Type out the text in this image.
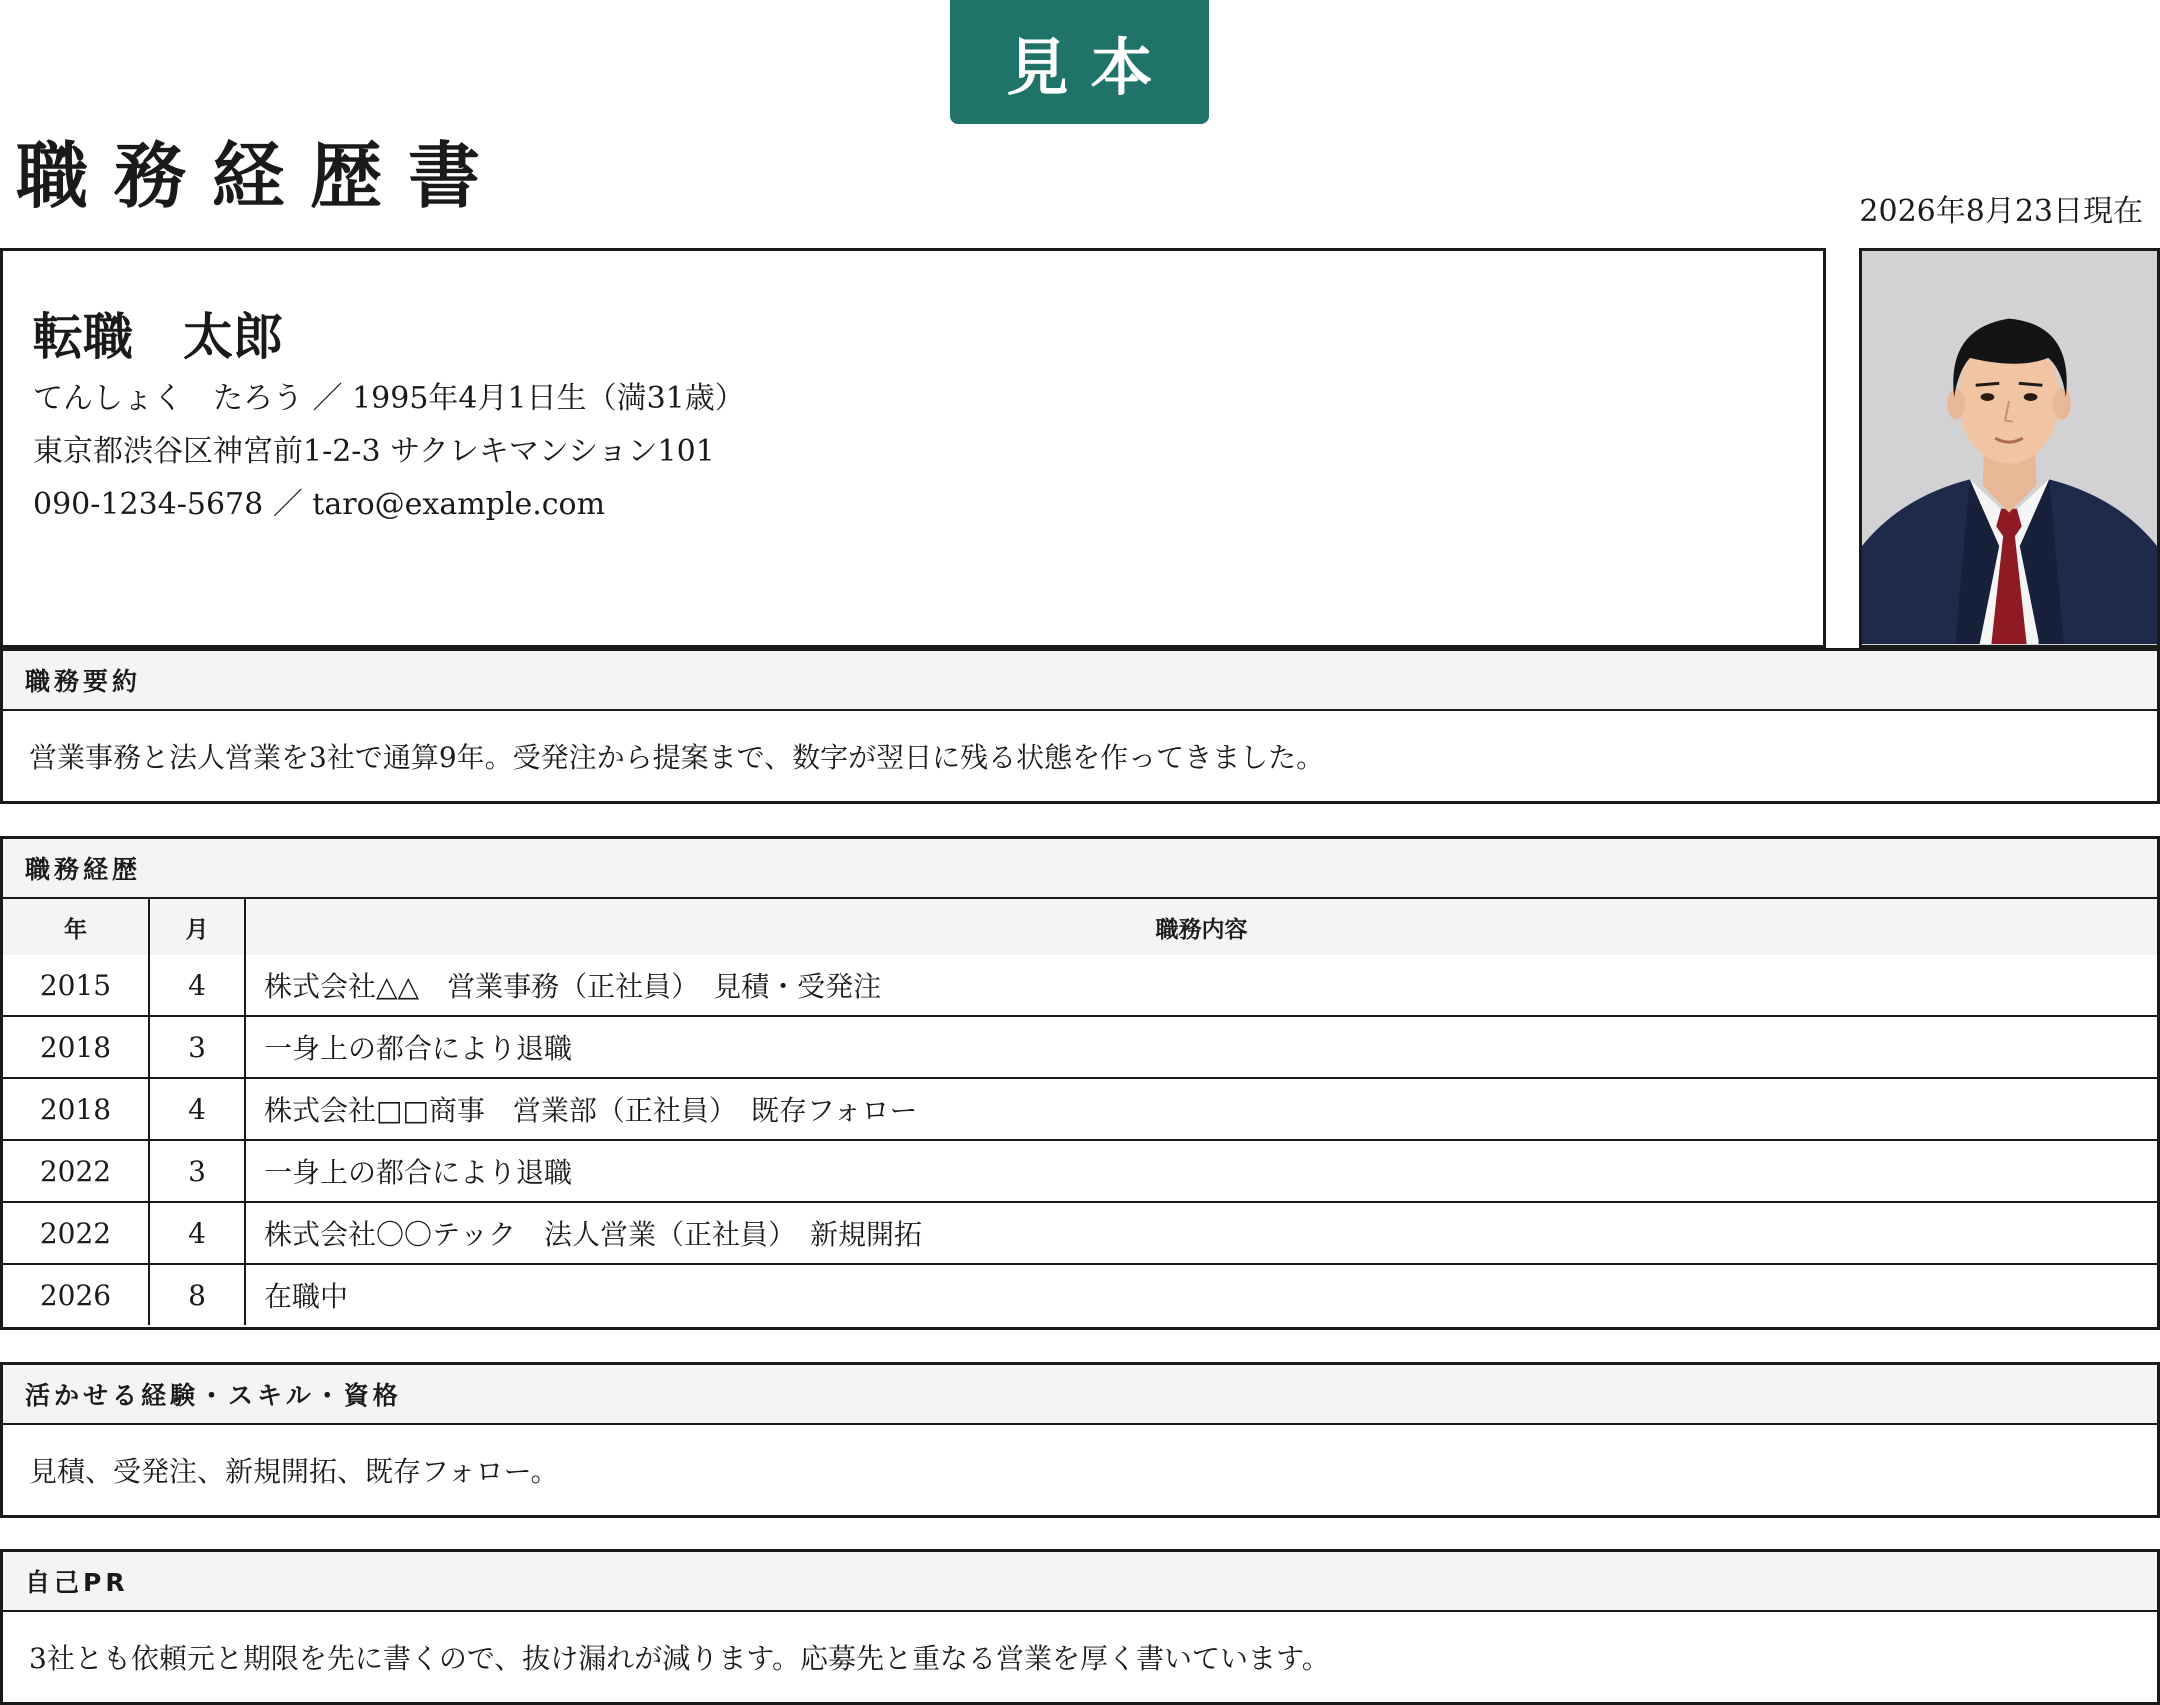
見本
職務経歴書	2026年8月23日現在
転職　太郎
てんしょく　たろう ／ 1995年4月1日生（満31歳）
東京都渋谷区神宮前1-2-3 サクレキマンション101
090-1234-5678 ／ taro@example.com
職務要約
営業事務と法人営業を3社で通算9年。受発注から提案まで、数字が翌日に残る状態を作ってきました。
職務経歴
年	月	職務内容
2015	4	株式会社△△　営業事務（正社員）　見積・受発注
2018	3	一身上の都合により退職
2018	4	株式会社□□商事　営業部（正社員）　既存フォロー
2022	3	一身上の都合により退職
2022	4	株式会社〇〇テック　法人営業（正社員）　新規開拓
2026	8	在職中
活かせる経験・スキル・資格
見積、受発注、新規開拓、既存フォロー。
自己PR
3社とも依頼元と期限を先に書くので、抜け漏れが減ります。応募先と重なる営業を厚く書いています。
